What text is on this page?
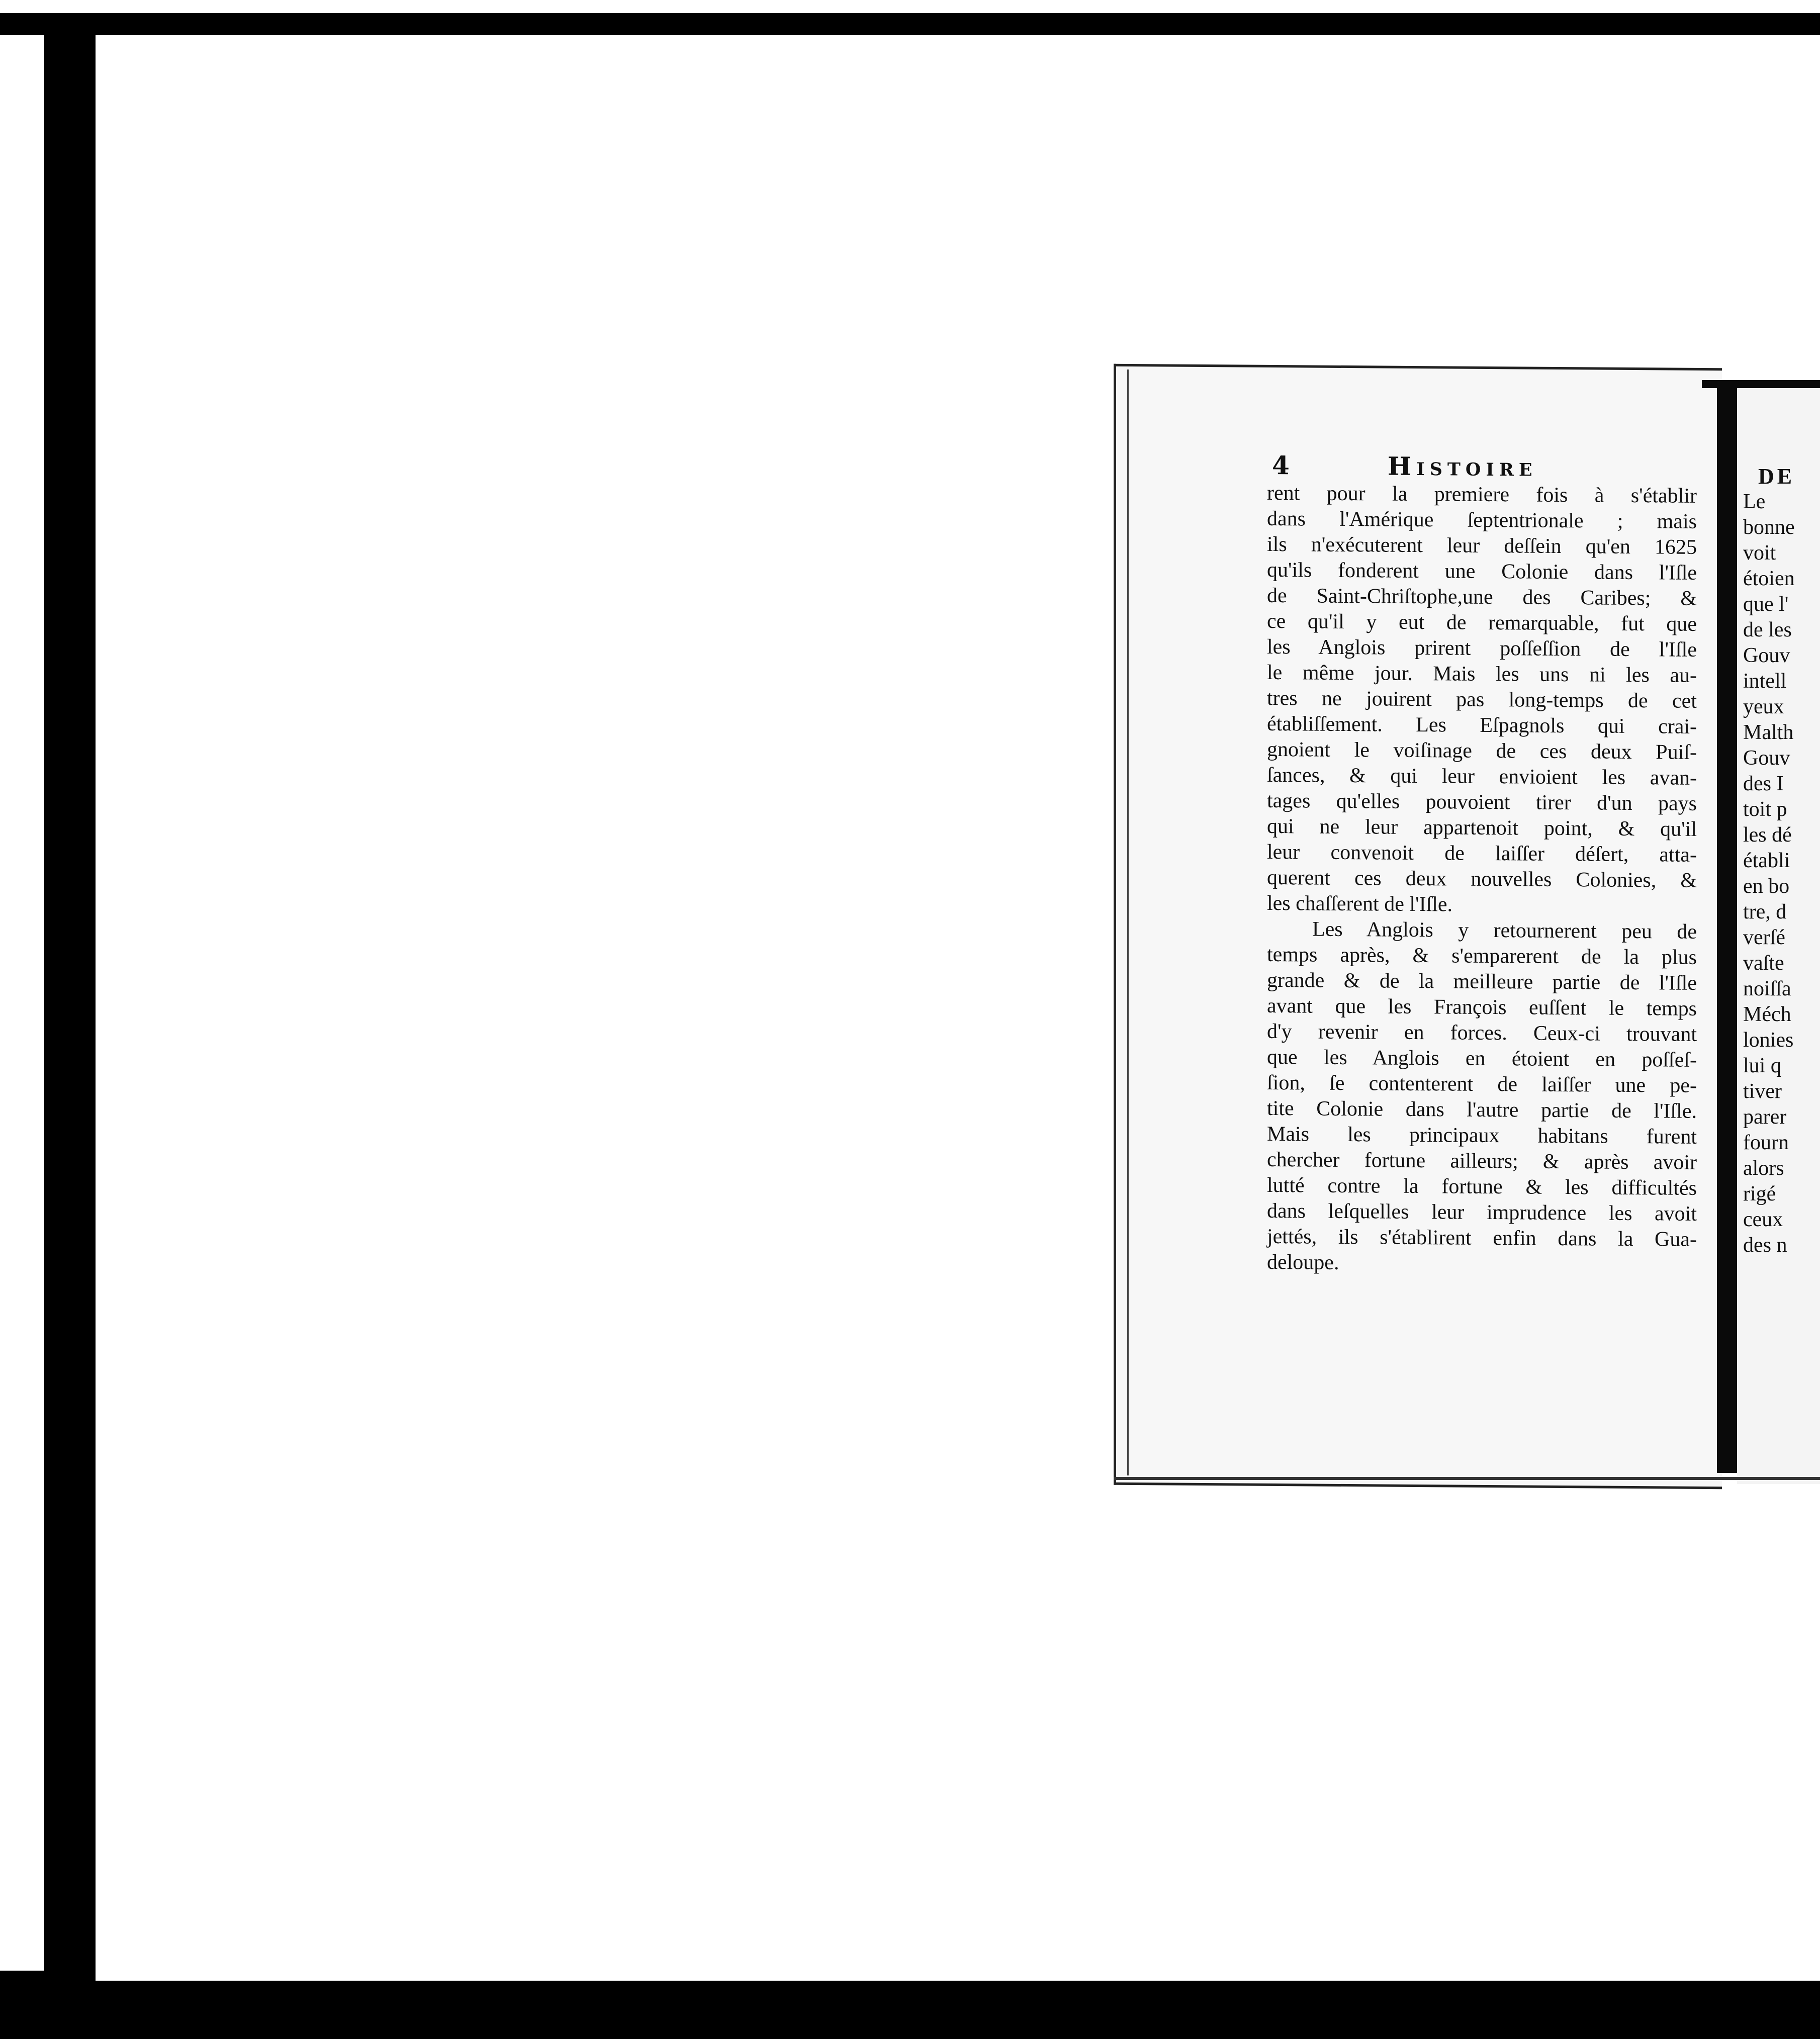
4	Histoire
rent pour la premiere fois à s'établir
dans l'Amérique ſeptentrionale ; mais
ils n'exécuterent leur deſſein qu'en 1625
qu'ils fonderent une Colonie dans l'Iſle
de Saint-Chriſtophe,une des Caribes; &
ce qu'il y eut de remarquable, fut que
les Anglois prirent poſſeſſion de l'Iſle
le même jour. Mais les uns ni les au-
tres ne jouirent pas long-temps de cet
établiſſement. Les Eſpagnols qui crai-
gnoient le voiſinage de ces deux Puiſ-
ſances, & qui leur envioient les avan-
tages qu'elles pouvoient tirer d'un pays
qui ne leur appartenoit point, & qu'il
leur convenoit de laiſſer déſert, atta-
querent ces deux nouvelles Colonies, &
les chaſſerent de l'Iſle.
Les Anglois y retournerent peu de
temps après, & s'emparerent de la plus
grande & de la meilleure partie de l'Iſle
avant que les François euſſent le temps
d'y revenir en forces. Ceux-ci trouvant
que les Anglois en étoient en poſſeſ-
ſion, ſe contenterent de laiſſer une pe-
tite Colonie dans l'autre partie de l'Iſle.
Mais les principaux habitans furent
chercher fortune ailleurs; & après avoir
lutté contre la fortune & les difficultés
dans leſquelles leur imprudence les avoit
jettés, ils s'établirent enfin dans la Gua-
deloupe.
DE
Le
bonne
voit
étoien
que l'
de les
Gouv
intell
yeux
Malth
Gouv
des I
toit p
les dé
établi
en bo
tre, d
verſé
vaſte
noiſſa
Méch
lonies
lui q
tiver
parer
fourn
alors
rigé
ceux
des n
